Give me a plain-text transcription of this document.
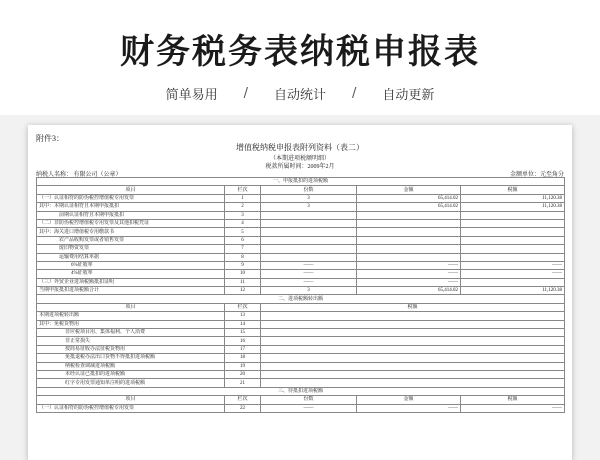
财务税务表纳税申报表
简单易用 / 自动统计 / 自动更新
附件3：
增值税纳税申报表附列资料（表二）
（本期进项税额明细）
税款所属时间：2009年2月
纳税人名称： 有限公司（公章）	金额单位：元至角分
一、申报抵扣的进项税额				
项目	栏次	份数	金额	税额
（一）认证相符的防伪税控增值税专用发票	1	3	65,414.02	11,120.38
其中：本期认证相符且本期申报抵扣	2	3	65,414.02	11,120.38
前期认证相符且本期申报抵扣	3			
（二）非防伪税控增值税专用发票及其他扣税凭证	4			
其中：海关进口增值税专用缴款书	5			
农产品收购发票或者销售发票	6			
废旧物资发票	7			
运输费用结算单据	8			
6%征收率	9	——	——	——
4%征收率	10	——	——	——
（三）外贸企业进项税额抵扣证明	11	——	——	
当期申报抵扣进项税额合计	12	3	65,414.02	11,120.38
二、进项税额转出额				
项目	栏次	税额		
本期进项税转出额	13			
其中：免税货物用	14			
非应税项目用、集体福利、个人消费	15			
非正常损失	16			
按简易征收办法征税货物用	17			
免抵退税办法出口货物不得抵扣进项税额	18			
纳税检查调减进项税额	19			
未经认证已抵扣的进项税额	20			
红字专用发票通知单注明的进项税额	21			
三、待抵扣进项税额				
项目	栏次	份数	金额	税额
（一）认证相符的防伪税控增值税专用发票	22	——	——	——
